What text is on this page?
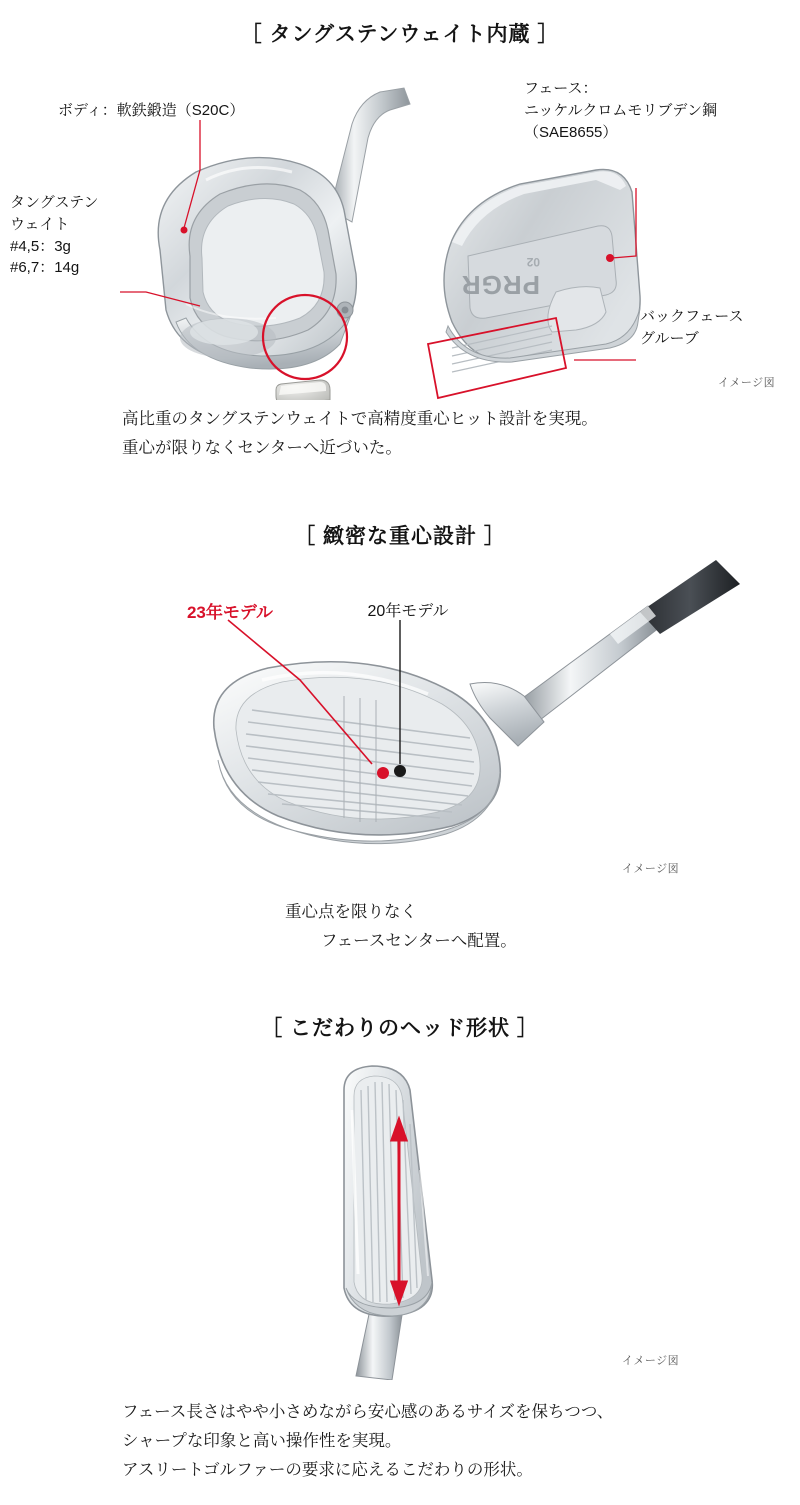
［ タングステンウェイト内蔵 ］
PRGR
02
ボディ：軟鉄鍛造（S20C）
フェース：
ニッケルクロムモリブデン鋼
（SAE8655）
タングステン
ウェイト
#4,5：3g
#6,7：14g
バックフェース
グルーブ
イメージ図
高比重のタングステンウェイトで高精度重心ヒット設計を実現。
重心が限りなくセンターへ近づいた。
［ 緻密な重心設計 ］
23年モデル	20年モデル
イメージ図
重心点を限りなく
フェースセンターへ配置。
［ こだわりのヘッド形状 ］
イメージ図
フェース長さはやや小さめながら安心感のあるサイズを保ちつつ、
シャープな印象と高い操作性を実現。
アスリートゴルファーの要求に応えるこだわりの形状。
